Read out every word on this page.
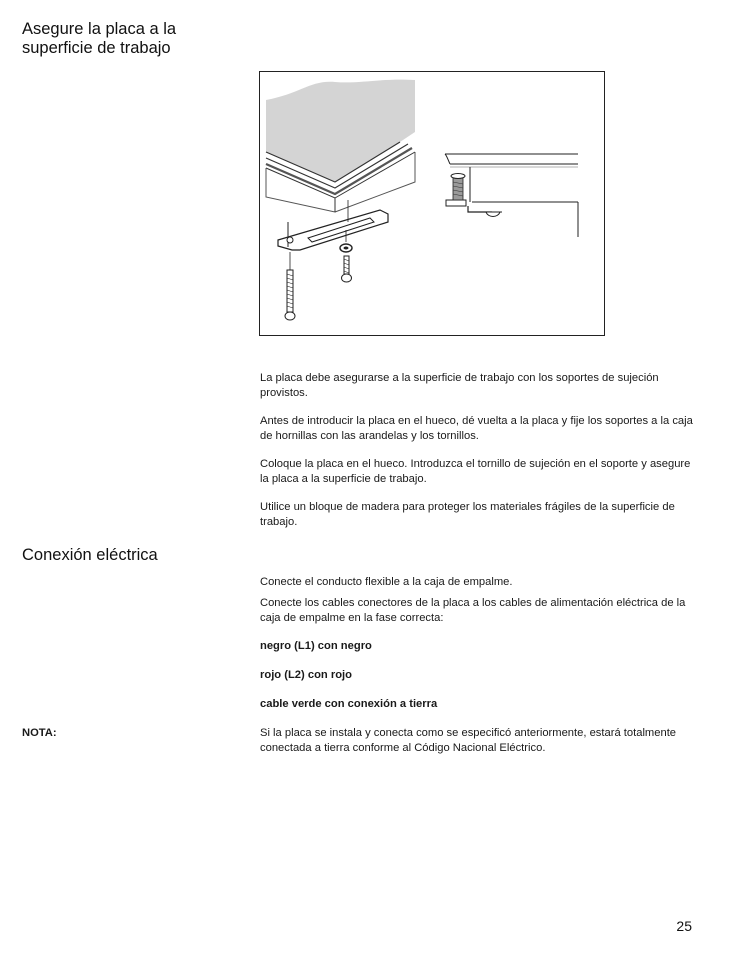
Asegure la placa a la superficie de trabajo

La placa debe asegurarse a la superficie de trabajo con los soportes de sujeción provistos.

Antes de introducir la placa en el hueco, dé vuelta a la placa y fije los soportes a la caja de hornillas con las arandelas y los tornillos.

Coloque la placa en el hueco. Introduzca el tornillo de sujeción en el soporte y asegure la placa a la superficie de trabajo.

Utilice un bloque de madera para proteger los materiales frágiles de la superficie de trabajo.

Conexión eléctrica

Conecte el conducto flexible a la caja de empalme.

Conecte los cables conectores de la placa a los cables de alimentación eléctrica de la caja de empalme en la fase correcta:

negro (L1) con negro

rojo (L2) con rojo

cable verde con conexión a tierra

NOTA:	Si la placa se instala y conecta como se especificó anteriormente, estará totalmente conectada a tierra conforme al Código Nacional Eléctrico.

25
